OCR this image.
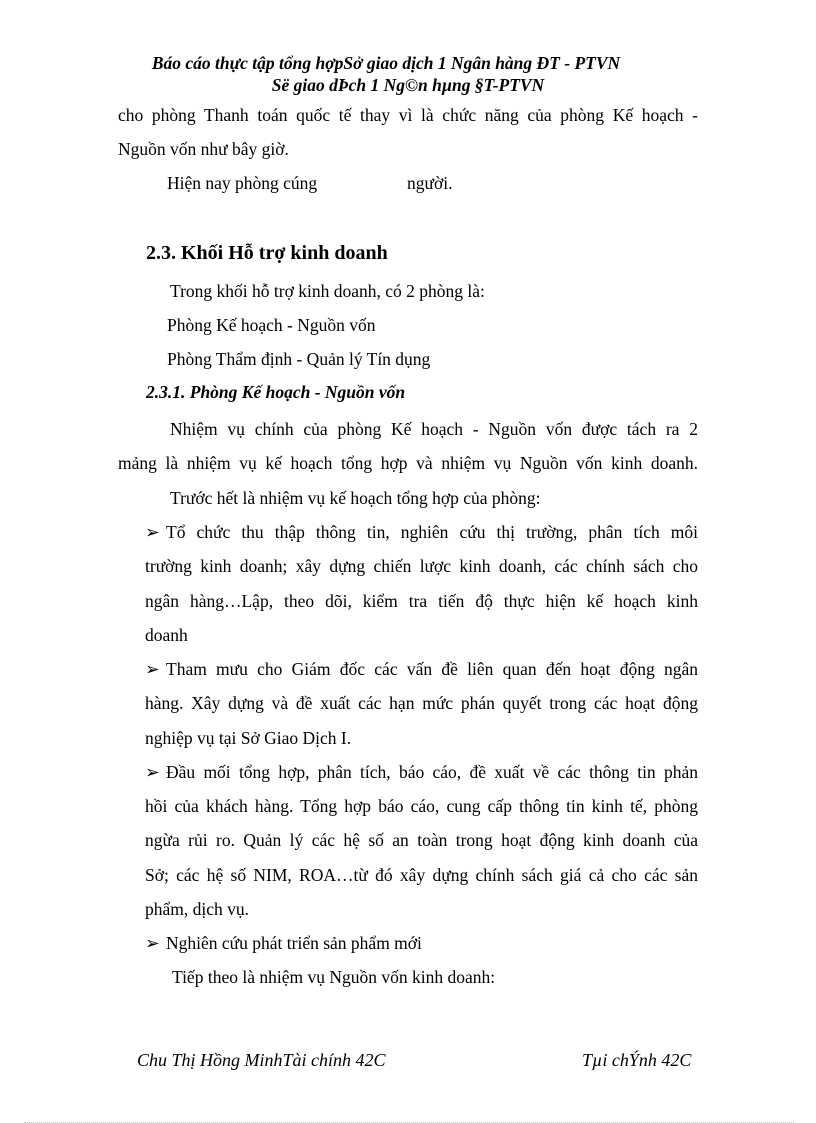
Báo cáo thực tập tổng hợpSở giao dịch 1 Ngân hàng ĐT - PTVN
Së giao dÞch 1 Ng©n hµng §T-PTVN
cho phòng Thanh toán quốc tế thay vì là chức năng của phòng Kế hoạch -
Nguồn vốn như bây giờ.
Hiện nay phòng cúng	người.
2.3. Khối Hỗ trợ kinh doanh
Trong khối hỗ trợ kinh doanh, có 2 phòng là:
Phòng Kế hoạch - Nguồn vốn
Phòng Thẩm định - Quản lý Tín dụng
2.3.1. Phòng Kế hoạch - Nguồn vốn
Nhiệm vụ chính của phòng Kế hoạch - Nguồn vốn được tách ra 2
mảng là nhiệm vụ kế hoạch tổng hợp và nhiệm vụ Nguồn vốn kinh doanh.
Trước hết là nhiệm vụ kế hoạch tổng hợp của phòng:
➢ Tổ chức thu thập thông tin, nghiên cứu thị trường, phân tích môi
trường kinh doanh; xây dựng chiến lược kinh doanh, các chính sách cho
ngân hàng…Lập, theo dõi, kiểm tra tiến độ thực hiện kế hoạch kinh
doanh
➢ Tham mưu cho Giám đốc các vấn đề liên quan đến hoạt động ngân
hàng. Xây dựng và đề xuất các hạn mức phán quyết trong các hoạt động
nghiệp vụ tại Sở Giao Dịch I.
➢ Đầu mối tổng hợp, phân tích, báo cáo, đề xuất về các thông tin phản
hồi của khách hàng. Tổng hợp báo cáo, cung cấp thông tin kinh tế, phòng
ngừa rủi ro. Quản lý các hệ số an toàn trong hoạt động kinh doanh của
Sở; các hệ số NIM, ROA…từ đó xây dựng chính sách giá cả cho các sản
phẩm, dịch vụ.
➢ Nghiên cứu phát triển sản phẩm mới
Tiếp theo là nhiệm vụ Nguồn vốn kinh doanh:
Chu Thị Hồng MinhTài chính 42C	Tµi chÝnh 42C
